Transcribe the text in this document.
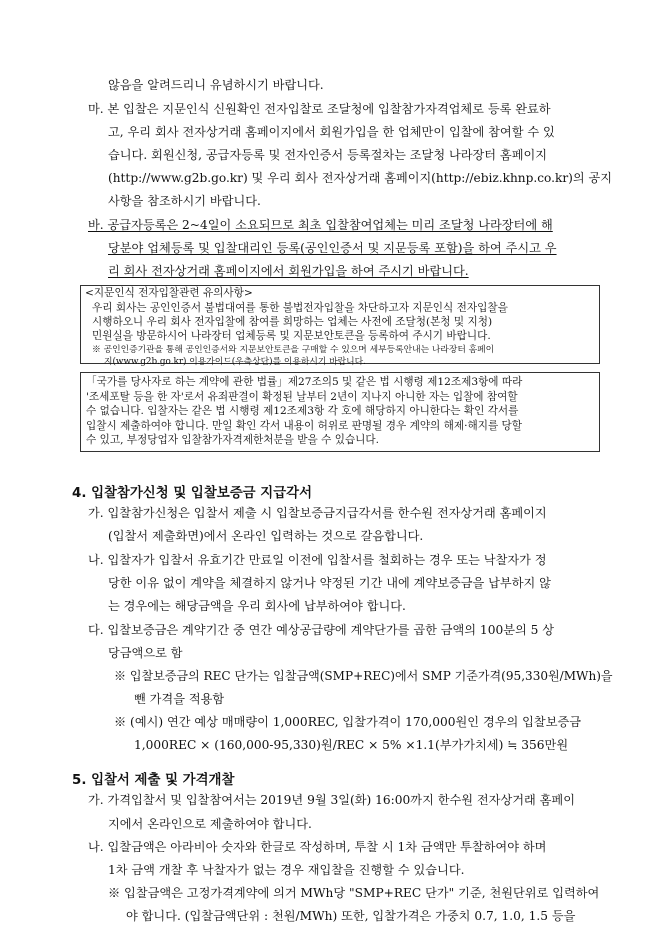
않음을 알려드리니 유념하시기 바랍니다.
마. 본 입찰은 지문인식 신원확인 전자입찰로 조달청에 입찰참가자격업체로 등록 완료하
고, 우리 회사 전자상거래 홈페이지에서 회원가입을 한 업체만이 입찰에 참여할 수 있
습니다. 회원신청, 공급자등록 및 전자인증서 등록절차는 조달청 나라장터 홈페이지
(http://www.g2b.go.kr) 및 우리 회사 전자상거래 홈페이지(http://ebiz.khnp.co.kr)의 공지
사항을 참조하시기 바랍니다.
바. 공급자등록은 2~4일이 소요되므로 최초 입찰참여업체는 미리 조달청 나라장터에 해
당분야 업체등록 및 입찰대리인 등록(공인인증서 및 지문등록 포함)을 하여 주시고 우
리 회사 전자상거래 홈페이지에서 회원가입을 하여 주시기 바랍니다.
<지문인식 전자입찰관련 유의사항>
우리 회사는 공인인증서 불법대여를 통한 불법전자입찰을 차단하고자 지문인식 전자입찰을
시행하오니 우리 회사 전자입찰에 참여를 희망하는 업체는 사전에 조달청(본청 및 지청)
민원실을 방문하시어 나라장터 업체등록 및 지문보안토큰을 등록하여 주시기 바랍니다.
※ 공인인증기관을 통해 공인인증서와 지문보안토큰을 구매할 수 있으며 세부등록안내는 나라장터 홈페이
지(www.g2b.go.kr) 이용가이드(우측상단)를 이용하시기 바랍니다.
「국가를 당사자로 하는 계약에 관한 법률」제27조의5 및 같은 법 시행령 제12조제3항에 따라
'조세포탈 등을 한 자'로서 유죄판결이 확정된 날부터 2년이 지나지 아니한 자는 입찰에 참여할
수 없습니다. 입찰자는 같은 법 시행령 제12조제3항 각 호에 해당하지 아니한다는 확인 각서를
입찰시 제출하여야 합니다. 만일 확인 각서 내용이 허위로 판명될 경우 계약의 해제·해지를 당할
수 있고, 부정당업자 입찰참가자격제한처분을 받을 수 있습니다.
4. 입찰참가신청 및 입찰보증금 지급각서
가. 입찰참가신청은 입찰서 제출 시 입찰보증금지급각서를 한수원 전자상거래 홈페이지
(입찰서 제출화면)에서 온라인 입력하는 것으로 갈음합니다.
나. 입찰자가 입찰서 유효기간 만료일 이전에 입찰서를 철회하는 경우 또는 낙찰자가 정
당한 이유 없이 계약을 체결하지 않거나 약정된 기간 내에 계약보증금을 납부하지 않
는 경우에는 해당금액을 우리 회사에 납부하여야 합니다.
다. 입찰보증금은 계약기간 중 연간 예상공급량에 계약단가를 곱한 금액의 100분의 5 상
당금액으로 함
※ 입찰보증금의 REC 단가는 입찰금액(SMP+REC)에서 SMP 기준가격(95,330원/MWh)을
뺀 가격을 적용함
※ (예시) 연간 예상 매매량이 1,000REC, 입찰가격이 170,000원인 경우의 입찰보증금
1,000REC × (160,000-95,330)원/REC × 5% ×1.1(부가가치세) ≒ 356만원
5. 입찰서 제출 및 가격개찰
가. 가격입찰서 및 입찰참여서는 2019년 9월 3일(화) 16:00까지 한수원 전자상거래 홈페이
지에서 온라인으로 제출하여야 합니다.
나. 입찰금액은 아라비아 숫자와 한글로 작성하며, 투찰 시 1차 금액만 투찰하여야 하며
1차 금액 개찰 후 낙찰자가 없는 경우 재입찰을 진행할 수 있습니다.
※ 입찰금액은 고정가격계약에 의거 MWh당 "SMP+REC 단가" 기준, 천원단위로 입력하여
야 합니다. (입찰금액단위 : 천원/MWh) 또한, 입찰가격은 가중치 0.7, 1.0, 1.5 등을
